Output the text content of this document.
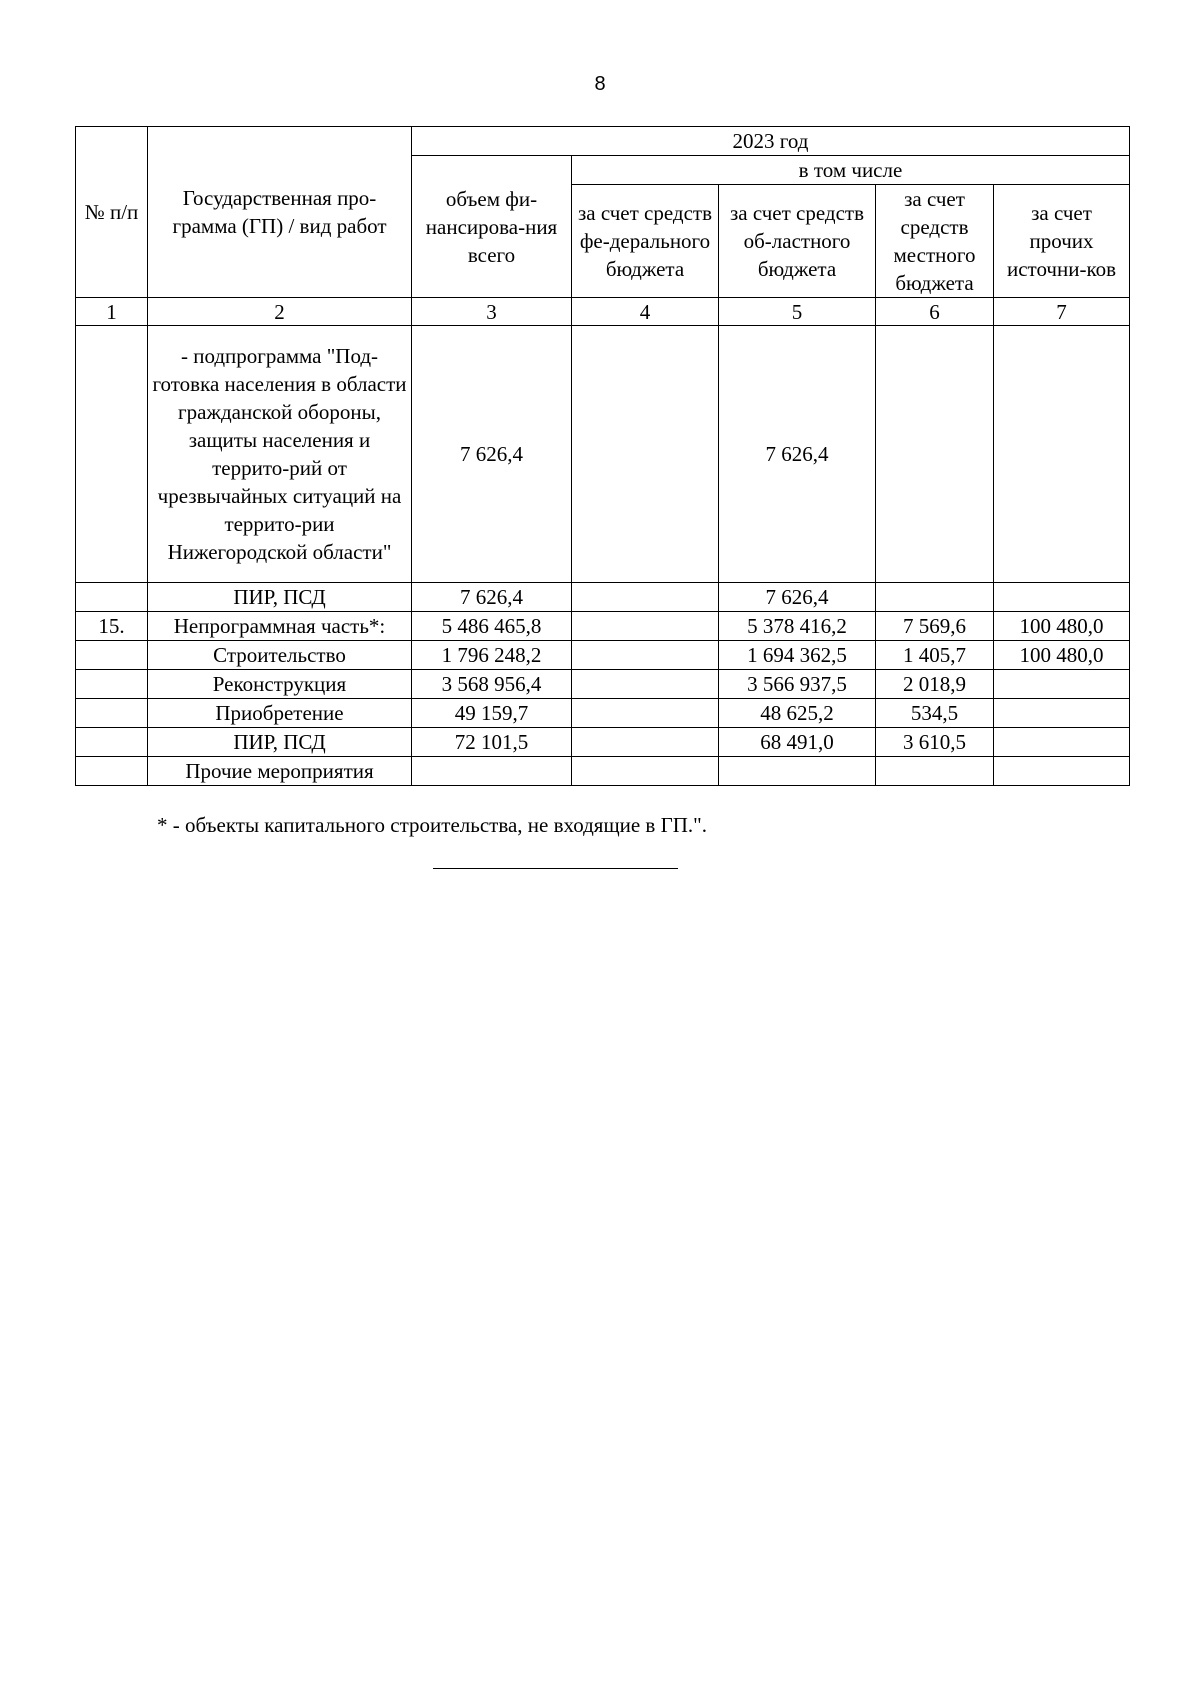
8
№ п/п	Государственная про-грамма (ГП) / вид работ	2023 год				
		объем фи-нансирова-ния всего	в том числе			
			за счет средств фе-дерального бюджета	за счет средств об-ластного бюджета	за счет средств местного бюджета	за счет прочих источни-ков
1	2	3	4	5	6	7
	- подпрограмма "Под-готовка населения в области гражданской обороны, защиты населения и террито-рий от чрезвычайных ситуаций на террито-рии Нижегородской области"	7 626,4		7 626,4		
	ПИР, ПСД	7 626,4		7 626,4		
15.	Непрограммная часть*:	5 486 465,8		5 378 416,2	7 569,6	100 480,0
	Строительство	1 796 248,2		1 694 362,5	1 405,7	100 480,0
	Реконструкция	3 568 956,4		3 566 937,5	2 018,9	
	Приобретение	49 159,7		48 625,2	534,5	
	ПИР, ПСД	72 101,5		68 491,0	3 610,5	
	Прочие мероприятия					
* - объекты капитального строительства, не входящие в ГП.".
